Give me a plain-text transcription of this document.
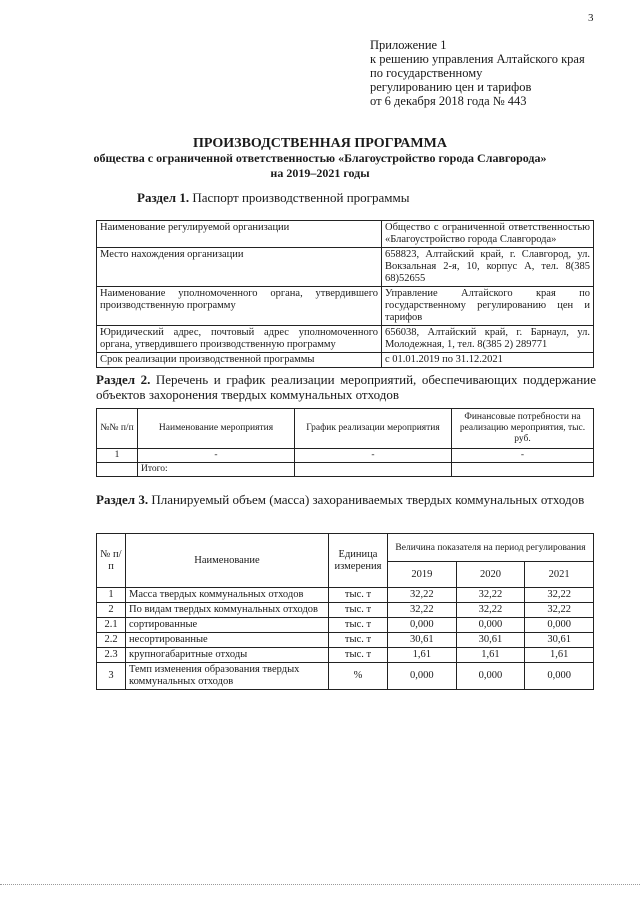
3
Приложение 1
к решению управления Алтайского края
по государственному
регулированию цен и тарифов
от 6 декабря 2018 года № 443
ПРОИЗВОДСТВЕННАЯ ПРОГРАММА
общества с ограниченной ответственностью «Благоустройство города Славгорода»
на 2019–2021 годы
Раздел 1. Паспорт производственной программы
Наименование регулируемой организации	Общество с ограниченной ответственностью «Благоустройство города Славгорода»
Место нахождения организации	658823, Алтайский край, г. Славгород, ул. Вокзальная 2-я, 10, корпус А, тел. 8(385 68)52655
Наименование уполномоченного органа, утвердившего производственную программу	Управление Алтайского края по государственному регулированию цен и тарифов
Юридический адрес, почтовый адрес уполномоченного органа, утвердившего производственную программу	656038, Алтайский край, г. Барнаул, ул. Молодежная, 1, тел. 8(385 2) 289771
Срок реализации производственной программы	с 01.01.2019 по 31.12.2021
Раздел 2. Перечень и график реализации мероприятий, обеспечивающих поддержание объектов захоронения твердых коммунальных отходов
№№ п/п	Наименование мероприятия	График реализации мероприятия	Финансовые потребности на реализацию мероприятия, тыс. руб.
1	-	-	-
	Итого:		
Раздел 3. Планируемый объем (масса) захораниваемых твердых коммунальных отходов
№ п/п	Наименование	Единица измерения	Величина показателя на период регулирования		
			2019	2020	2021
1	Масса твердых коммунальных отходов	тыс. т	32,22	32,22	32,22
2	По видам твердых коммунальных отходов	тыс. т	32,22	32,22	32,22
2.1	сортированные	тыс. т	0,000	0,000	0,000
2.2	несортированные	тыс. т	30,61	30,61	30,61
2.3	крупногабаритные отходы	тыс. т	1,61	1,61	1,61
3	Темп изменения образования твердых коммунальных отходов	%	0,000	0,000	0,000
